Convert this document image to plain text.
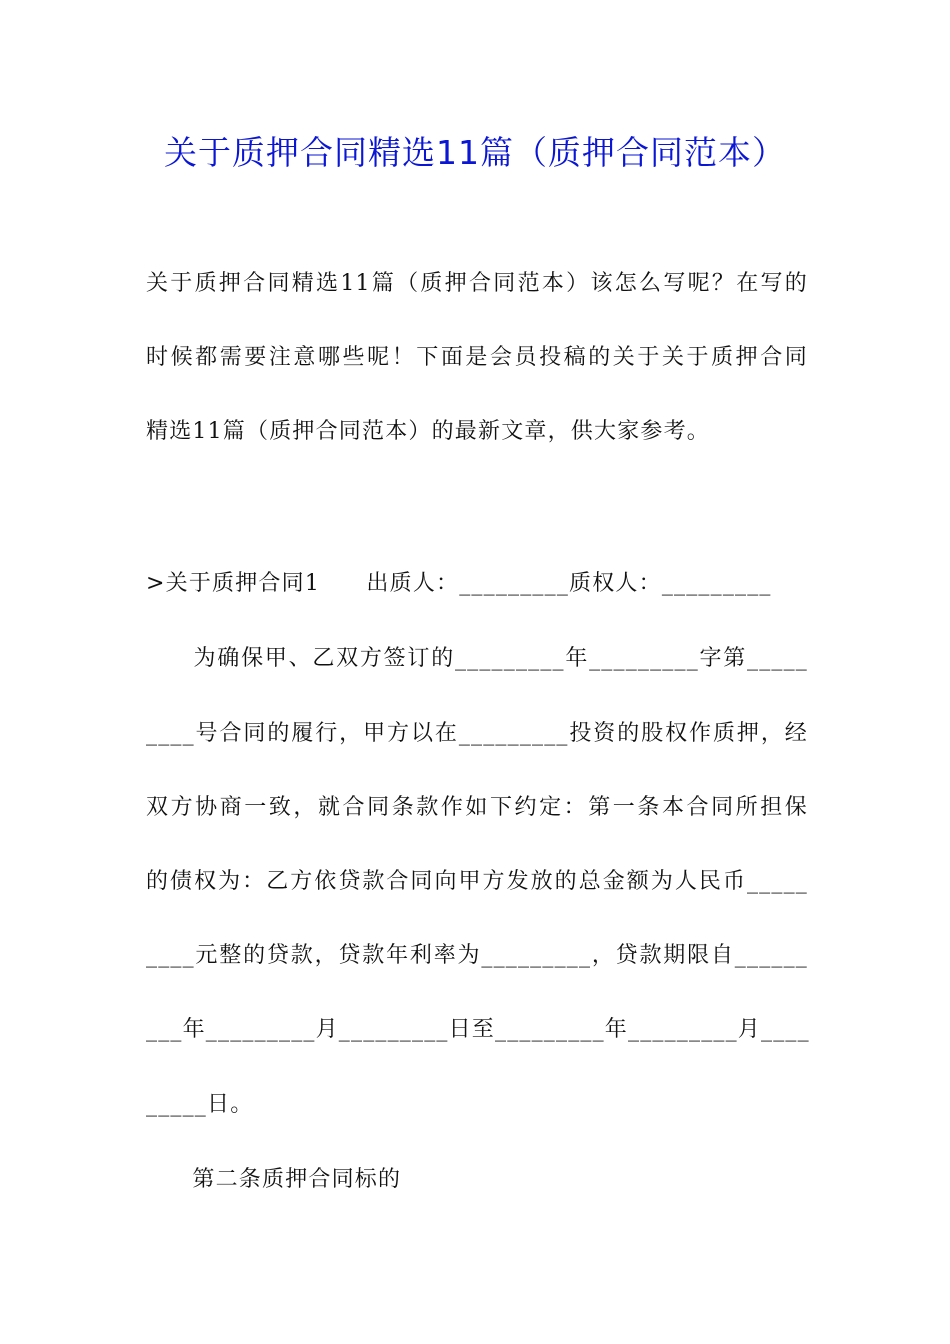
关于质押合同精选11篇（质押合同范本）

关于质押合同精选11篇（质押合同范本）该怎么写呢？在写的

时候都需要注意哪些呢！下面是会员投稿的关于关于质押合同

精选11篇（质押合同范本）的最新文章，供大家参考。

>关于质押合同1　　出质人：_________质权人：_________

　　为确保甲、乙双方签订的_________年_________字第_____

____号合同的履行，甲方以在_________投资的股权作质押，经

双方协商一致，就合同条款作如下约定：第一条本合同所担保

的债权为：乙方依贷款合同向甲方发放的总金额为人民币_____

____元整的贷款，贷款年利率为_________，贷款期限自______

___年_________月_________日至_________年_________月____

_____日。

　　第二条质押合同标的
